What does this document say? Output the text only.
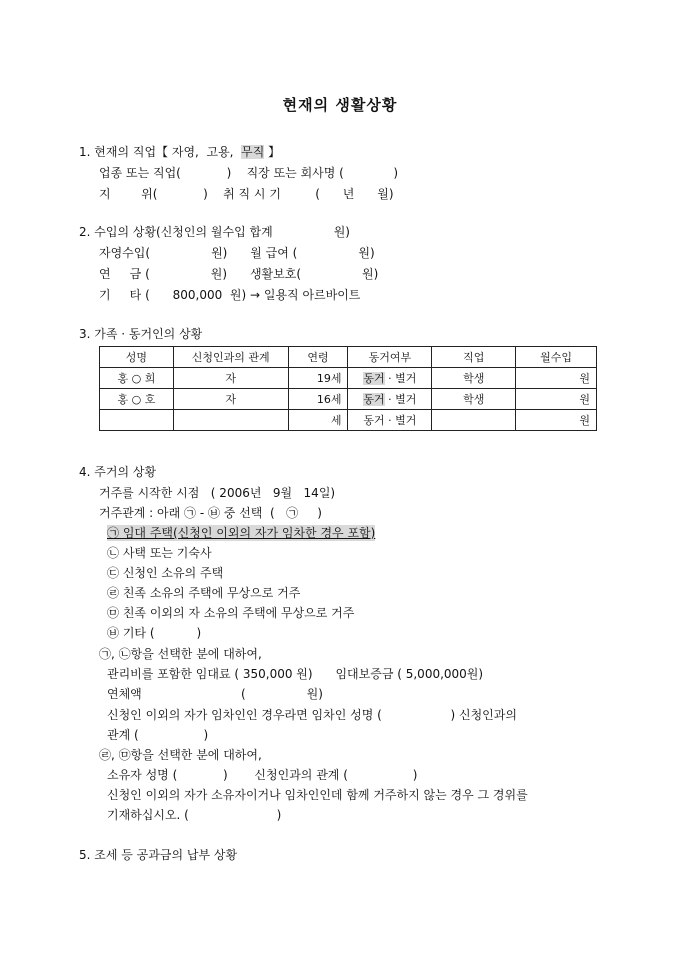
현재의 생활상황
1. 현재의 직업【 자영,  고용,  무직 】
업종 또는 직업(            )    직장 또는 회사명 (             )
지        위(            )    취 직 시 기         (      년      월)
2. 수입의 상황(신청인의 월수입 합계                원)
자영수입(                원)      월 급여 (                원)
연     금 (                원)      생활보호(                원)
기     타 (      800,000  원) → 일용직 아르바이트
3. 가족 · 동거인의 상황
성명	신청인과의 관계	연령	동거여부	직업	월수입
홍 ○ 희	자	19세	동거 · 별거	학생	원
홍 ○ 호	자	16세	동거 · 별거	학생	원
		세	동거 · 별거		원
4. 주거의 상황
거주를 시작한 시점   ( 2006년   9월   14일)
거주관계 : 아래 ㉠ - ㉥ 중 선택  (   ㉠     )
㉠ 임대 주택(신청인 이외의 자가 임차한 경우 포함)
㉡ 사택 또는 기숙사
㉢ 신청인 소유의 주택
㉣ 친족 소유의 주택에 무상으로 거주
㉤ 친족 이외의 자 소유의 주택에 무상으로 거주
㉥ 기타 (           )
㉠, ㉡항을 선택한 분에 대하여,
관리비를 포함한 임대료 ( 350,000 원)      임대보증금 ( 5,000,000원)
연체액                          (                원)
신청인 이외의 자가 임차인인 경우라면 임차인 성명 (                  ) 신청인과의
관계 (                 )
㉣, ㉤항을 선택한 분에 대하여,
소유자 성명 (            )       신청인과의 관계 (                 )
신청인 이외의 자가 소유자이거나 임차인인데 함께 거주하지 않는 경우 그 경위를
기재하십시오. (                       )
5. 조세 등 공과금의 납부 상황
